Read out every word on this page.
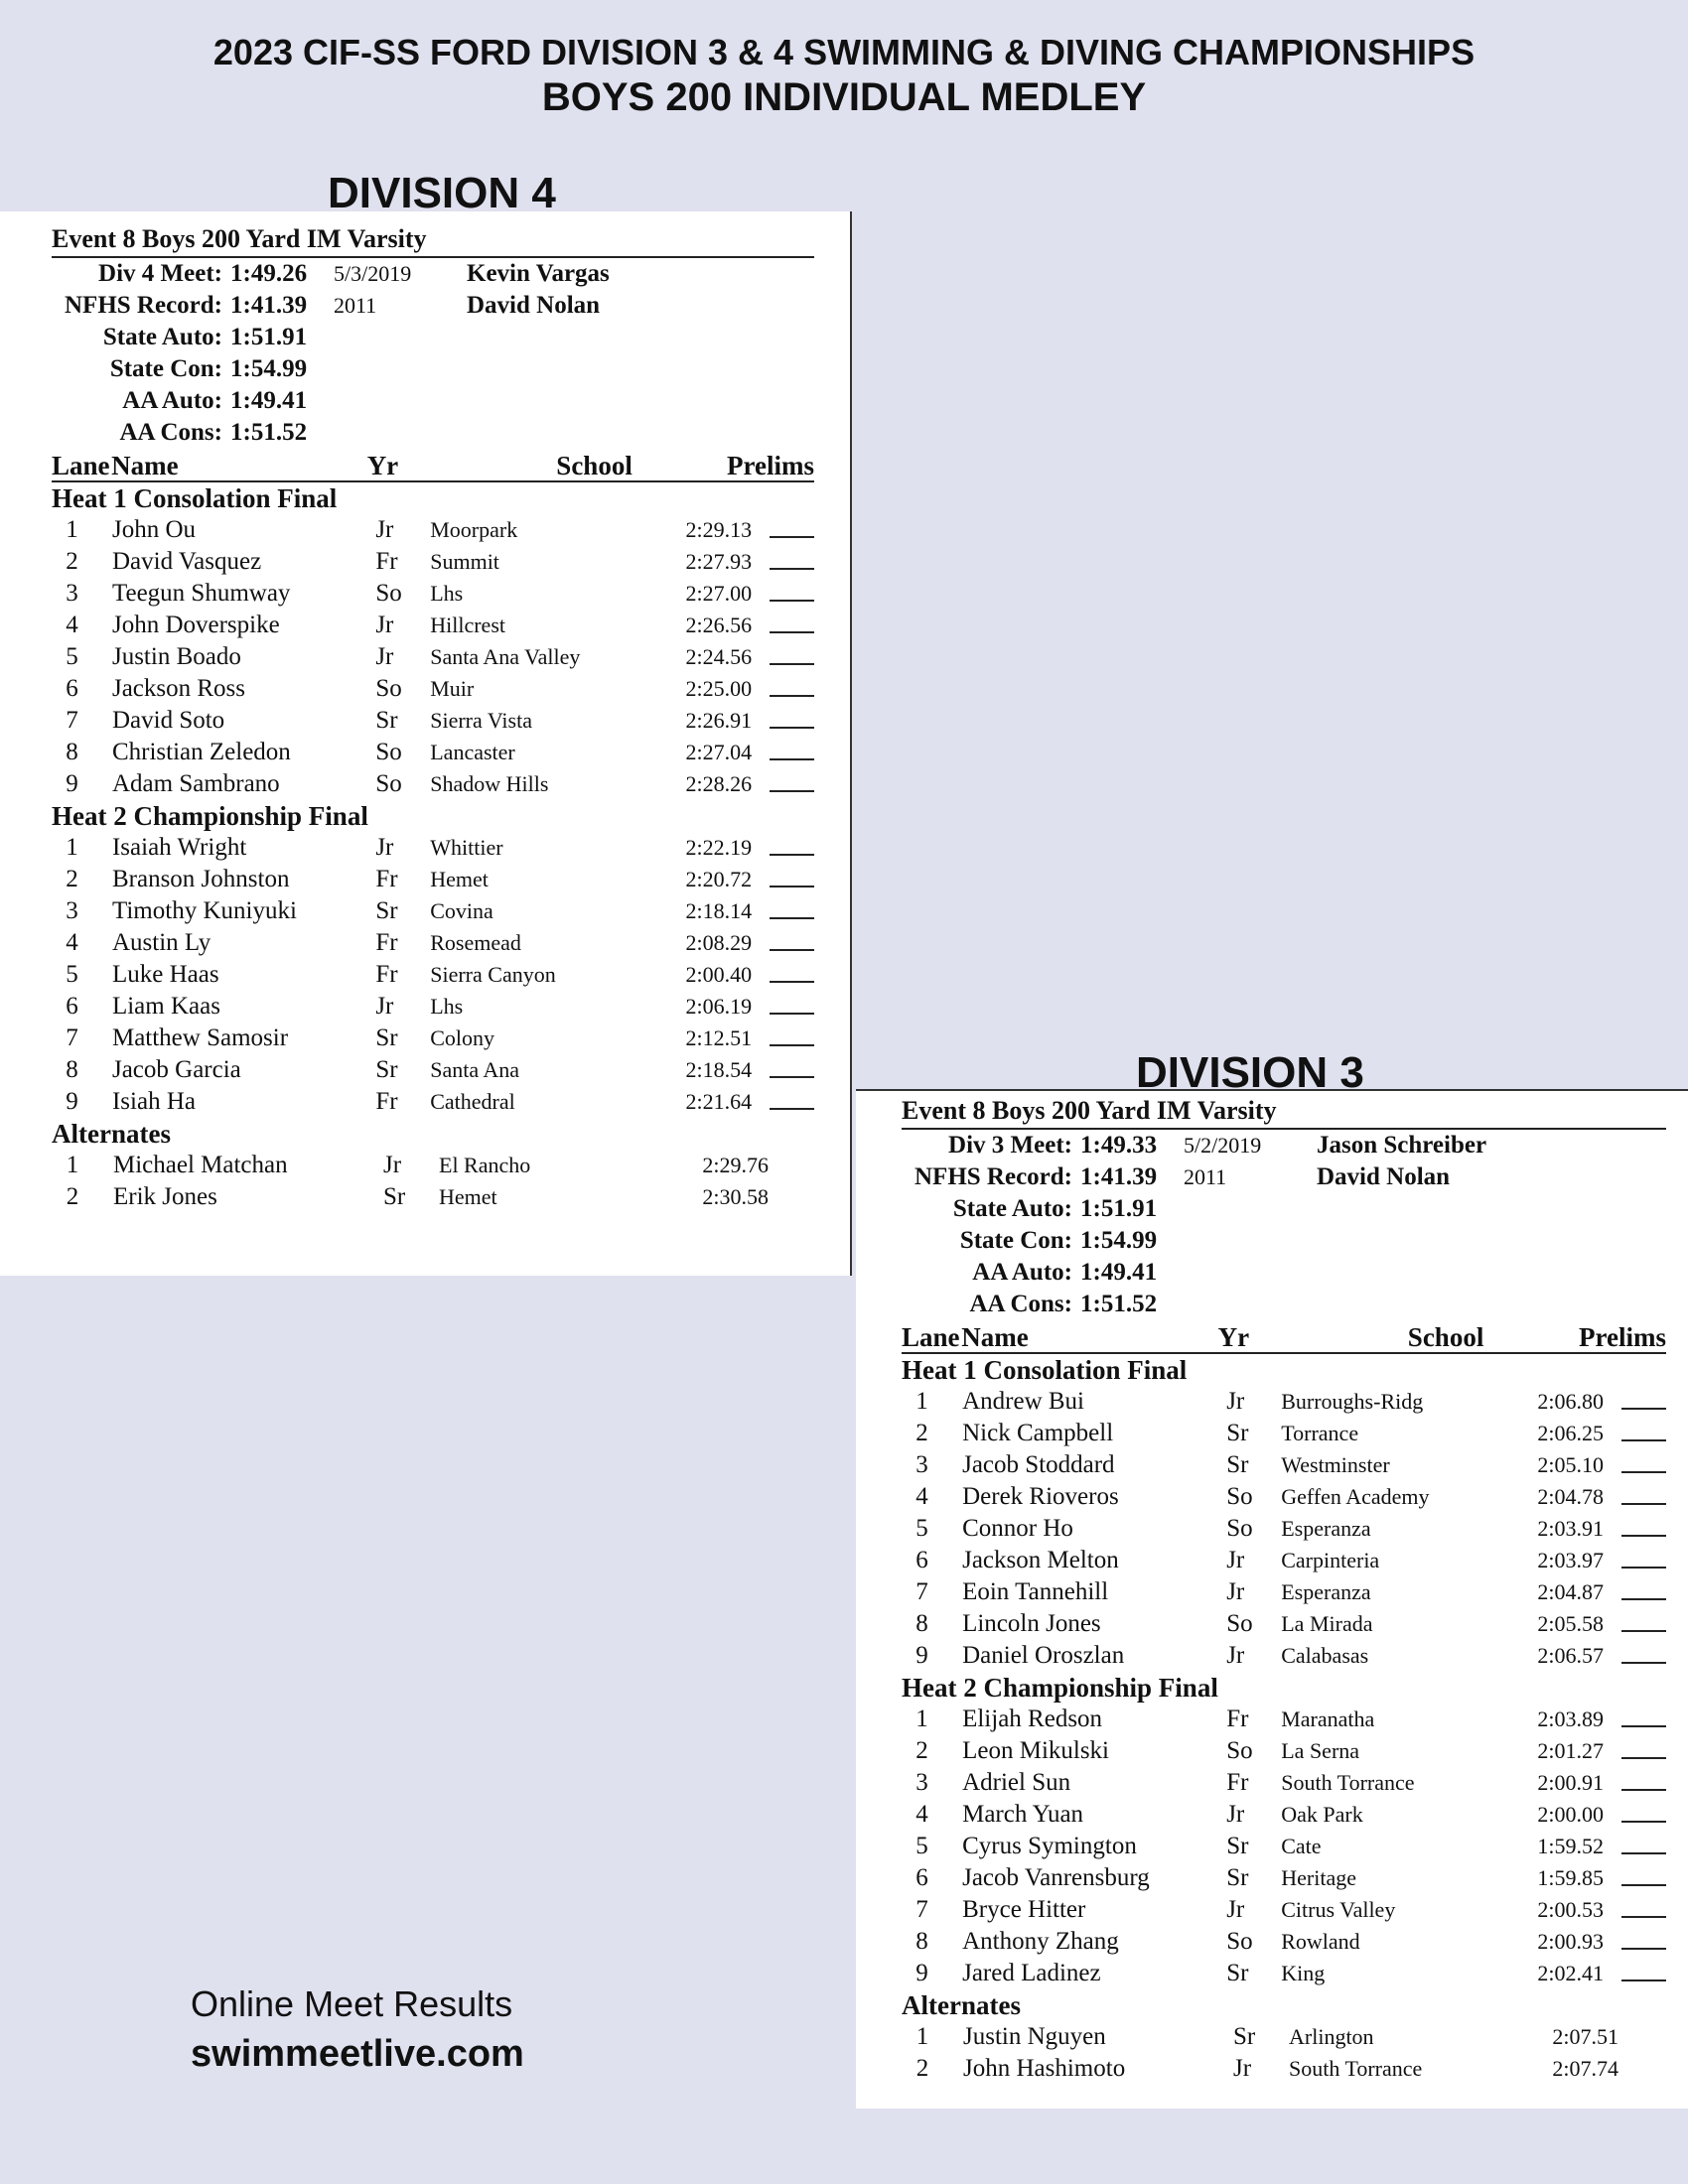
2023 CIF-SS FORD DIVISION 3 & 4 SWIMMING & DIVING CHAMPIONSHIPS
BOYS 200 INDIVIDUAL MEDLEY
DIVISION 4
DIVISION 3
Event 8 Boys 200 Yard IM Varsity
Div 4 Meet: 1:49.26	5/3/2019	Kevin Vargas
NFHS Record: 1:41.39	2011	David Nolan
State Auto: 1:51.91
State Con: 1:54.99
AA Auto: 1:49.41
AA Cons: 1:51.52
Lane Name	Yr	School	Prelims
Heat 1 Consolation Final
1	John Ou	Jr	Moorpark	2:29.13
2	David Vasquez	Fr	Summit	2:27.93
3	Teegun Shumway	So	Lhs	2:27.00
4	John Doverspike	Jr	Hillcrest	2:26.56
5	Justin Boado	Jr	Santa Ana Valley	2:24.56
6	Jackson Ross	So	Muir	2:25.00
7	David Soto	Sr	Sierra Vista	2:26.91
8	Christian Zeledon	So	Lancaster	2:27.04
9	Adam Sambrano	So	Shadow Hills	2:28.26
Heat 2 Championship Final
1	Isaiah Wright	Jr	Whittier	2:22.19
2	Branson Johnston	Fr	Hemet	2:20.72
3	Timothy Kuniyuki	Sr	Covina	2:18.14
4	Austin Ly	Fr	Rosemead	2:08.29
5	Luke Haas	Fr	Sierra Canyon	2:00.40
6	Liam Kaas	Jr	Lhs	2:06.19
7	Matthew Samosir	Sr	Colony	2:12.51
8	Jacob Garcia	Sr	Santa Ana	2:18.54
9	Isiah Ha	Fr	Cathedral	2:21.64
Alternates
1	Michael Matchan	Jr	El Rancho	2:29.76
2	Erik Jones	Sr	Hemet	2:30.58
Event 8 Boys 200 Yard IM Varsity
Div 3 Meet: 1:49.33	5/2/2019	Jason Schreiber
NFHS Record: 1:41.39	2011	David Nolan
State Auto: 1:51.91
State Con: 1:54.99
AA Auto: 1:49.41
AA Cons: 1:51.52
Lane Name	Yr	School	Prelims
Heat 1 Consolation Final
1	Andrew Bui	Jr	Burroughs-Ridg	2:06.80
2	Nick Campbell	Sr	Torrance	2:06.25
3	Jacob Stoddard	Sr	Westminster	2:05.10
4	Derek Rioveros	So	Geffen Academy	2:04.78
5	Connor Ho	So	Esperanza	2:03.91
6	Jackson Melton	Jr	Carpinteria	2:03.97
7	Eoin Tannehill	Jr	Esperanza	2:04.87
8	Lincoln Jones	So	La Mirada	2:05.58
9	Daniel Oroszlan	Jr	Calabasas	2:06.57
Heat 2 Championship Final
1	Elijah Redson	Fr	Maranatha	2:03.89
2	Leon Mikulski	So	La Serna	2:01.27
3	Adriel Sun	Fr	South Torrance	2:00.91
4	March Yuan	Jr	Oak Park	2:00.00
5	Cyrus Symington	Sr	Cate	1:59.52
6	Jacob Vanrensburg	Sr	Heritage	1:59.85
7	Bryce Hitter	Jr	Citrus Valley	2:00.53
8	Anthony Zhang	So	Rowland	2:00.93
9	Jared Ladinez	Sr	King	2:02.41
Alternates
1	Justin Nguyen	Sr	Arlington	2:07.51
2	John Hashimoto	Jr	South Torrance	2:07.74
Online Meet Results
swimmeetlive.com
